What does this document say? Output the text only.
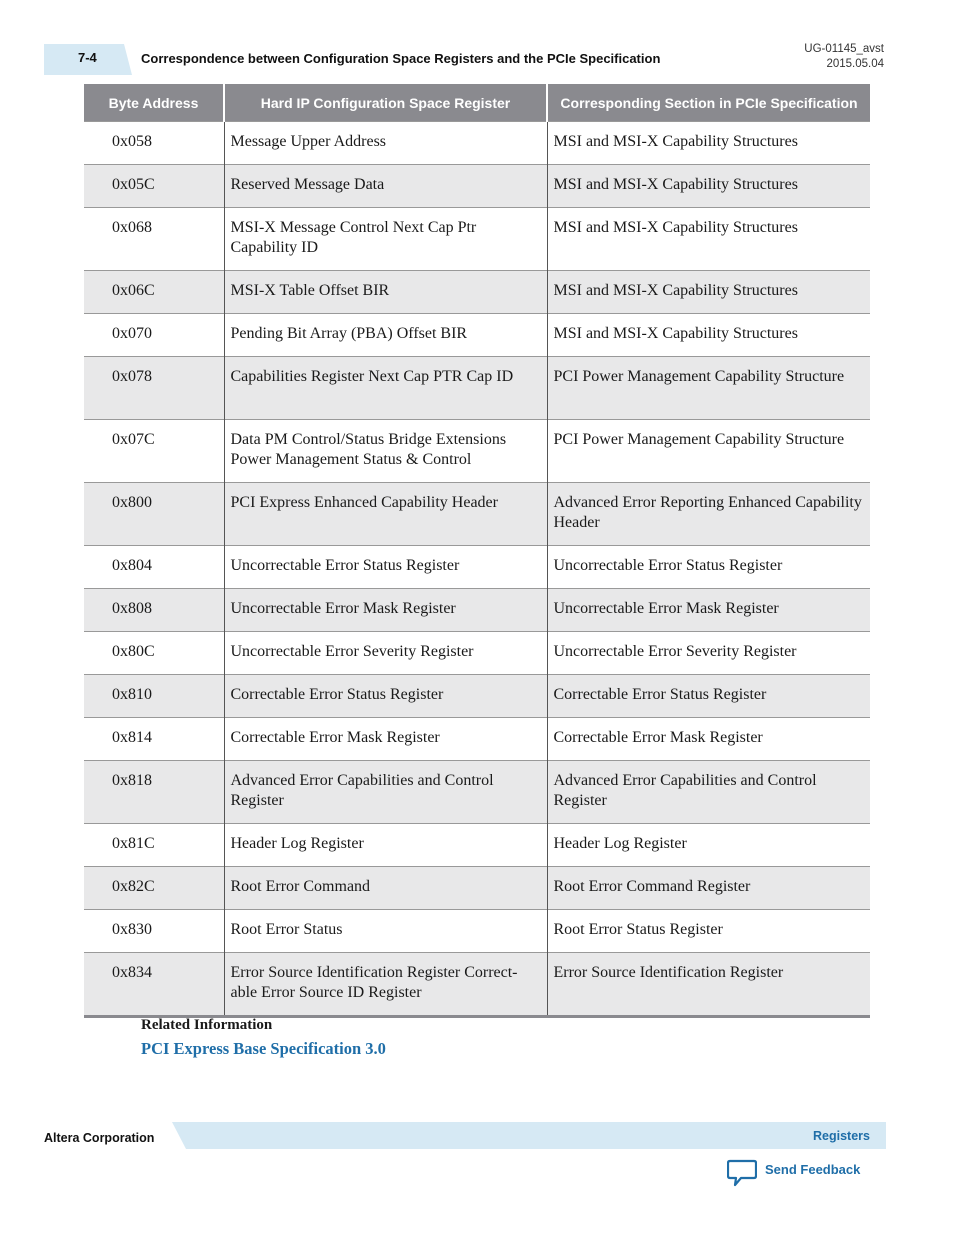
7-4	Correspondence between Configuration Space Registers and the PCIe Specification
UG-01145_avst
2015.05.04
Byte Address	Hard IP Configuration Space Register	Corresponding Section in PCIe Specification
0x058	Message Upper Address	MSI and MSI-X Capability Structures
0x05C	Reserved Message Data	MSI and MSI-X Capability Structures
0x068	MSI-X Message Control Next Cap Ptr Capability ID	MSI and MSI-X Capability Structures
0x06C	MSI-X Table Offset BIR	MSI and MSI-X Capability Structures
0x070	Pending Bit Array (PBA) Offset BIR	MSI and MSI-X Capability Structures
0x078	Capabilities Register Next Cap PTR Cap ID	PCI Power Management Capability Structure
0x07C	Data PM Control/Status Bridge Extensions Power Management Status & Control	PCI Power Management Capability Structure
0x800	PCI Express Enhanced Capability Header	Advanced Error Reporting Enhanced Capability Header
0x804	Uncorrectable Error Status Register	Uncorrectable Error Status Register
0x808	Uncorrectable Error Mask Register	Uncorrectable Error Mask Register
0x80C	Uncorrectable Error Severity Register	Uncorrectable Error Severity Register
0x810	Correctable Error Status Register	Correctable Error Status Register
0x814	Correctable Error Mask Register	Correctable Error Mask Register
0x818	Advanced Error Capabilities and Control Register	Advanced Error Capabilities and Control Register
0x81C	Header Log Register	Header Log Register
0x82C	Root Error Command	Root Error Command Register
0x830	Root Error Status	Root Error Status Register
0x834	Error Source Identification Register Correct-able Error Source ID Register	Error Source Identification Register
Related Information
PCI Express Base Specification 3.0
Altera Corporation	Registers
Send Feedback
